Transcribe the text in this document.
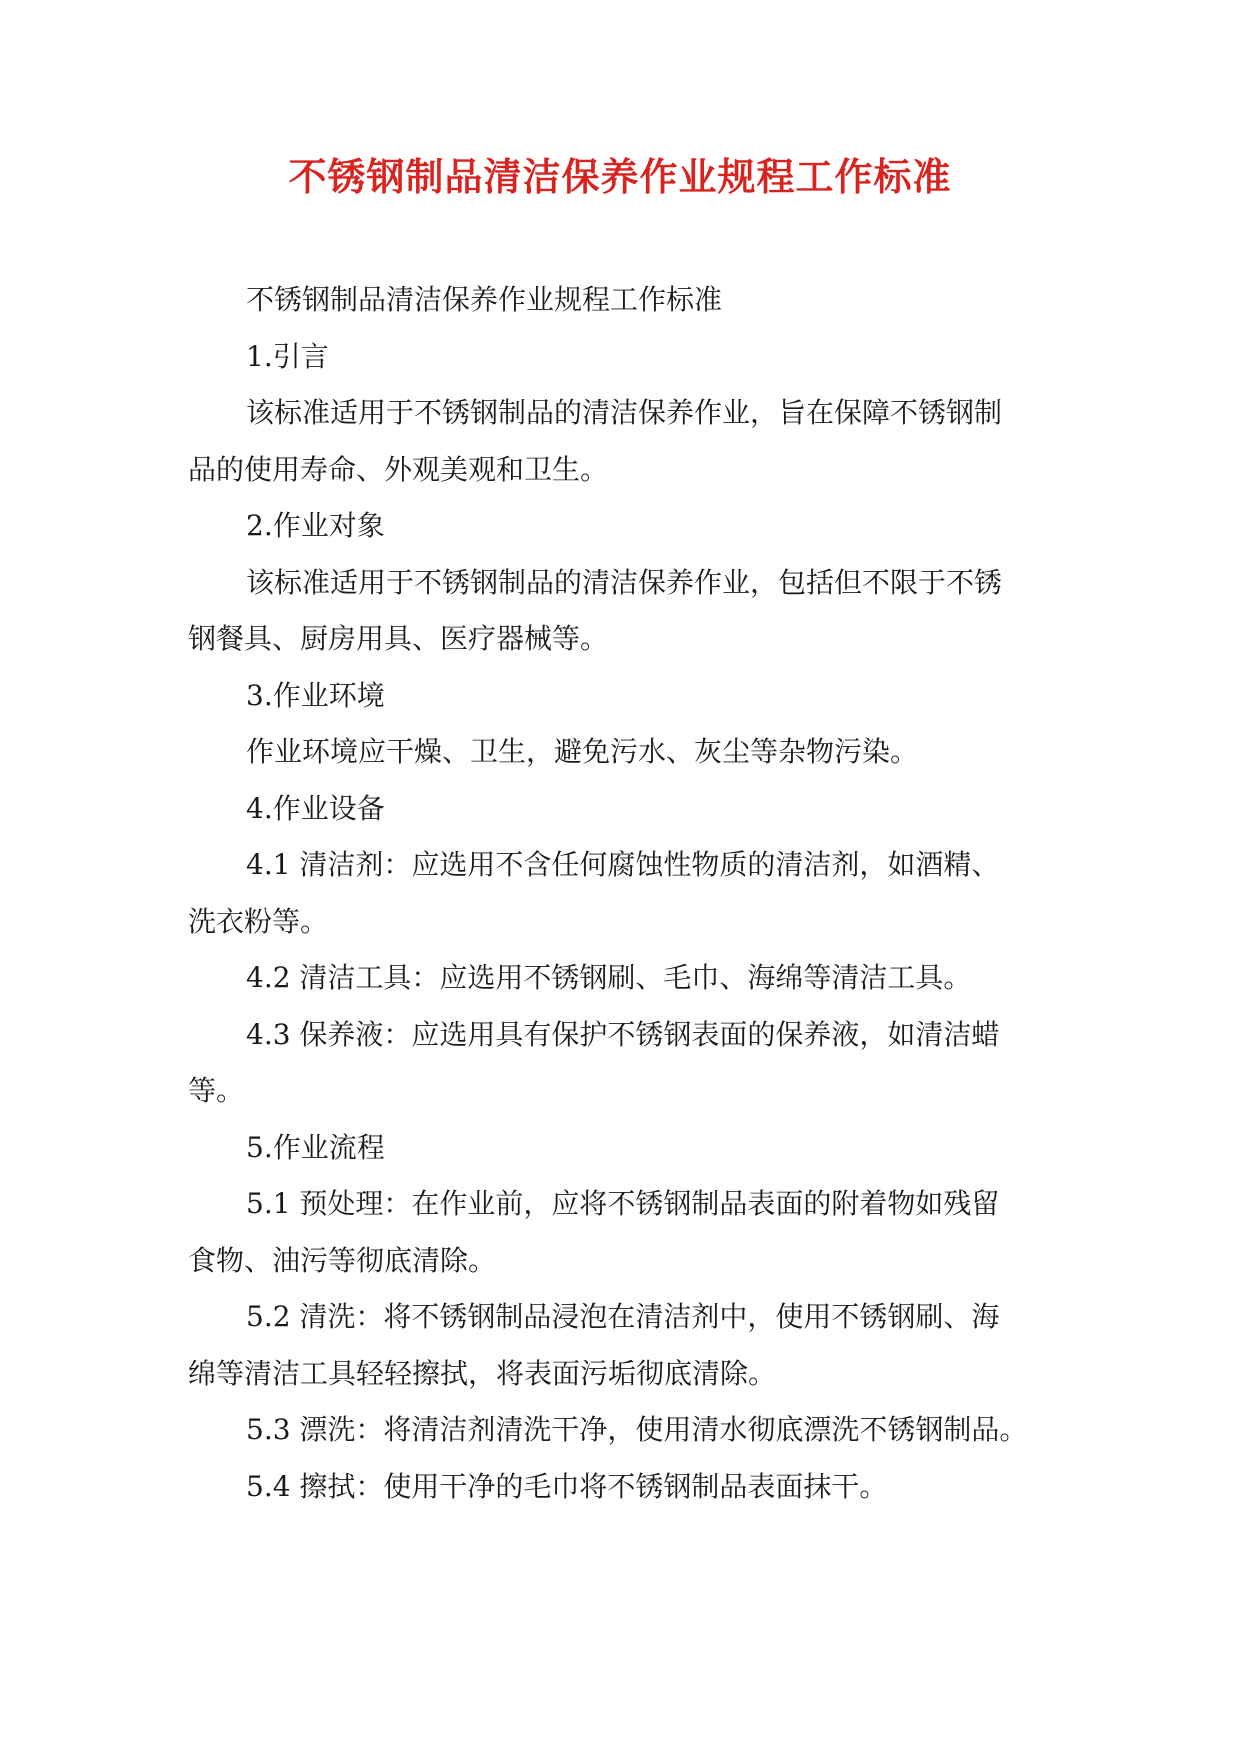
不锈钢制品清洁保养作业规程工作标准
不锈钢制品清洁保养作业规程工作标准
1.引言
该标准适用于不锈钢制品的清洁保养作业，旨在保障不锈钢制
品的使用寿命、外观美观和卫生。
2.作业对象
该标准适用于不锈钢制品的清洁保养作业，包括但不限于不锈
钢餐具、厨房用具、医疗器械等。
3.作业环境
作业环境应干燥、卫生，避免污水、灰尘等杂物污染。
4.作业设备
4.1 清洁剂：应选用不含任何腐蚀性物质的清洁剂，如酒精、
洗衣粉等。
4.2 清洁工具：应选用不锈钢刷、毛巾、海绵等清洁工具。
4.3 保养液：应选用具有保护不锈钢表面的保养液，如清洁蜡
等。
5.作业流程
5.1 预处理：在作业前，应将不锈钢制品表面的附着物如残留
食物、油污等彻底清除。
5.2 清洗：将不锈钢制品浸泡在清洁剂中，使用不锈钢刷、海
绵等清洁工具轻轻擦拭，将表面污垢彻底清除。
5.3 漂洗：将清洁剂清洗干净，使用清水彻底漂洗不锈钢制品。
5.4 擦拭：使用干净的毛巾将不锈钢制品表面抹干。
